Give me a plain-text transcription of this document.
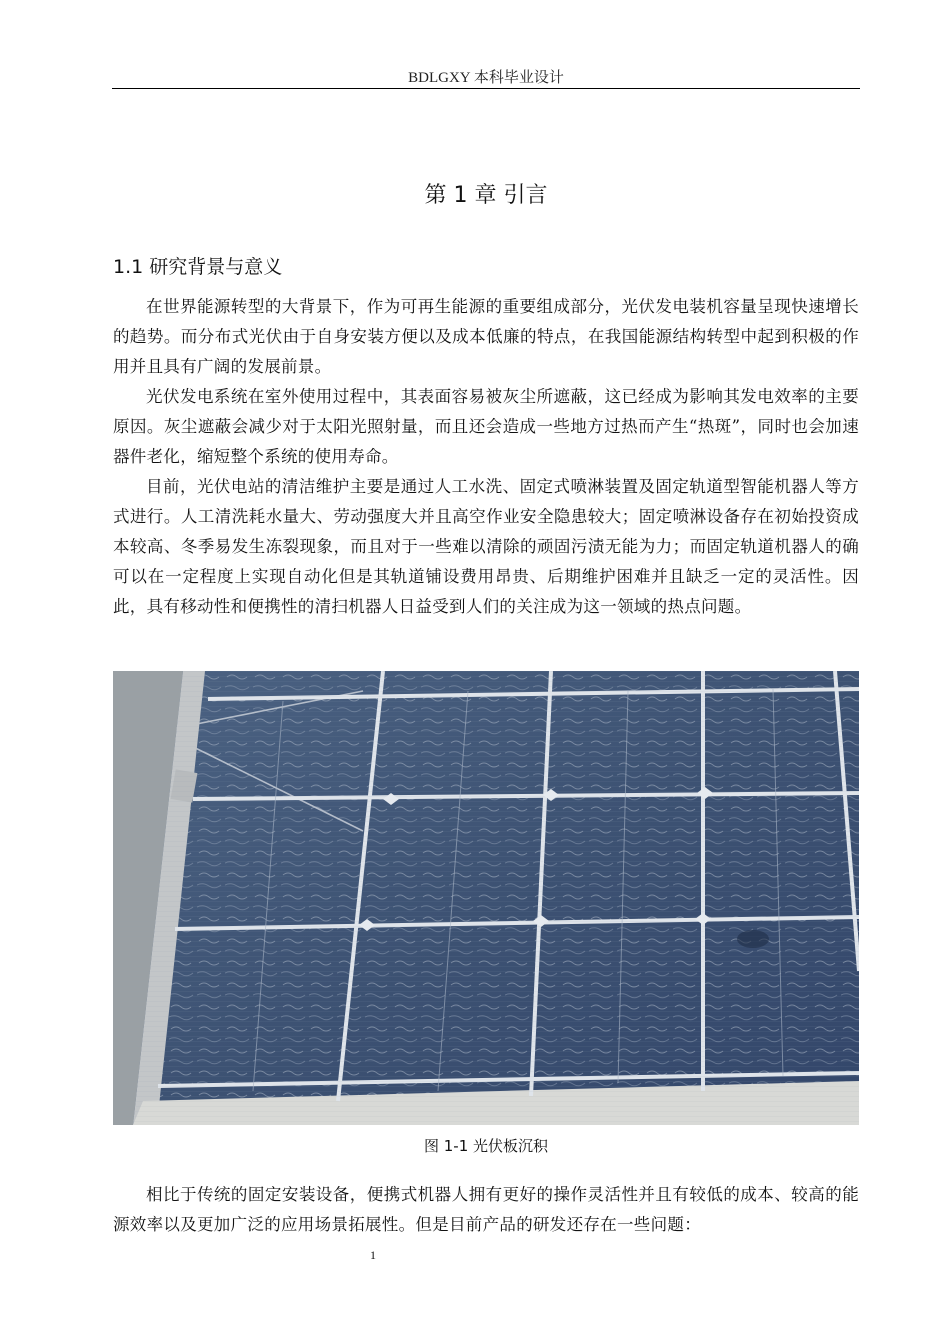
BDLGXY 本科毕业设计
第 1 章 引言
1.1 研究背景与意义

在世界能源转型的大背景下，作为可再生能源的重要组成部分，光伏发电装机容量呈现快速增长的趋势。而分布式光伏由于自身安装方便以及成本低廉的特点，在我国能源结构转型中起到积极的作用并且具有广阔的发展前景。

光伏发电系统在室外使用过程中，其表面容易被灰尘所遮蔽，这已经成为影响其发电效率的主要原因。灰尘遮蔽会减少对于太阳光照射量，而且还会造成一些地方过热而产生“热斑”，同时也会加速器件老化，缩短整个系统的使用寿命。

目前，光伏电站的清洁维护主要是通过人工水洗、固定式喷淋装置及固定轨道型智能机器人等方式进行。人工清洗耗水量大、劳动强度大并且高空作业安全隐患较大；固定喷淋设备存在初始投资成本较高、冬季易发生冻裂现象，而且对于一些难以清除的顽固污渍无能为力；而固定轨道机器人的确可以在一定程度上实现自动化但是其轨道铺设费用昂贵、后期维护困难并且缺乏一定的灵活性。因此，具有移动性和便携性的清扫机器人日益受到人们的关注成为这一领域的热点问题。

图 1-1 光伏板沉积

相比于传统的固定安装设备，便携式机器人拥有更好的操作灵活性并且有较低的成本、较高的能源效率以及更加广泛的应用场景拓展性。但是目前产品的研发还存在一些问题：

1
